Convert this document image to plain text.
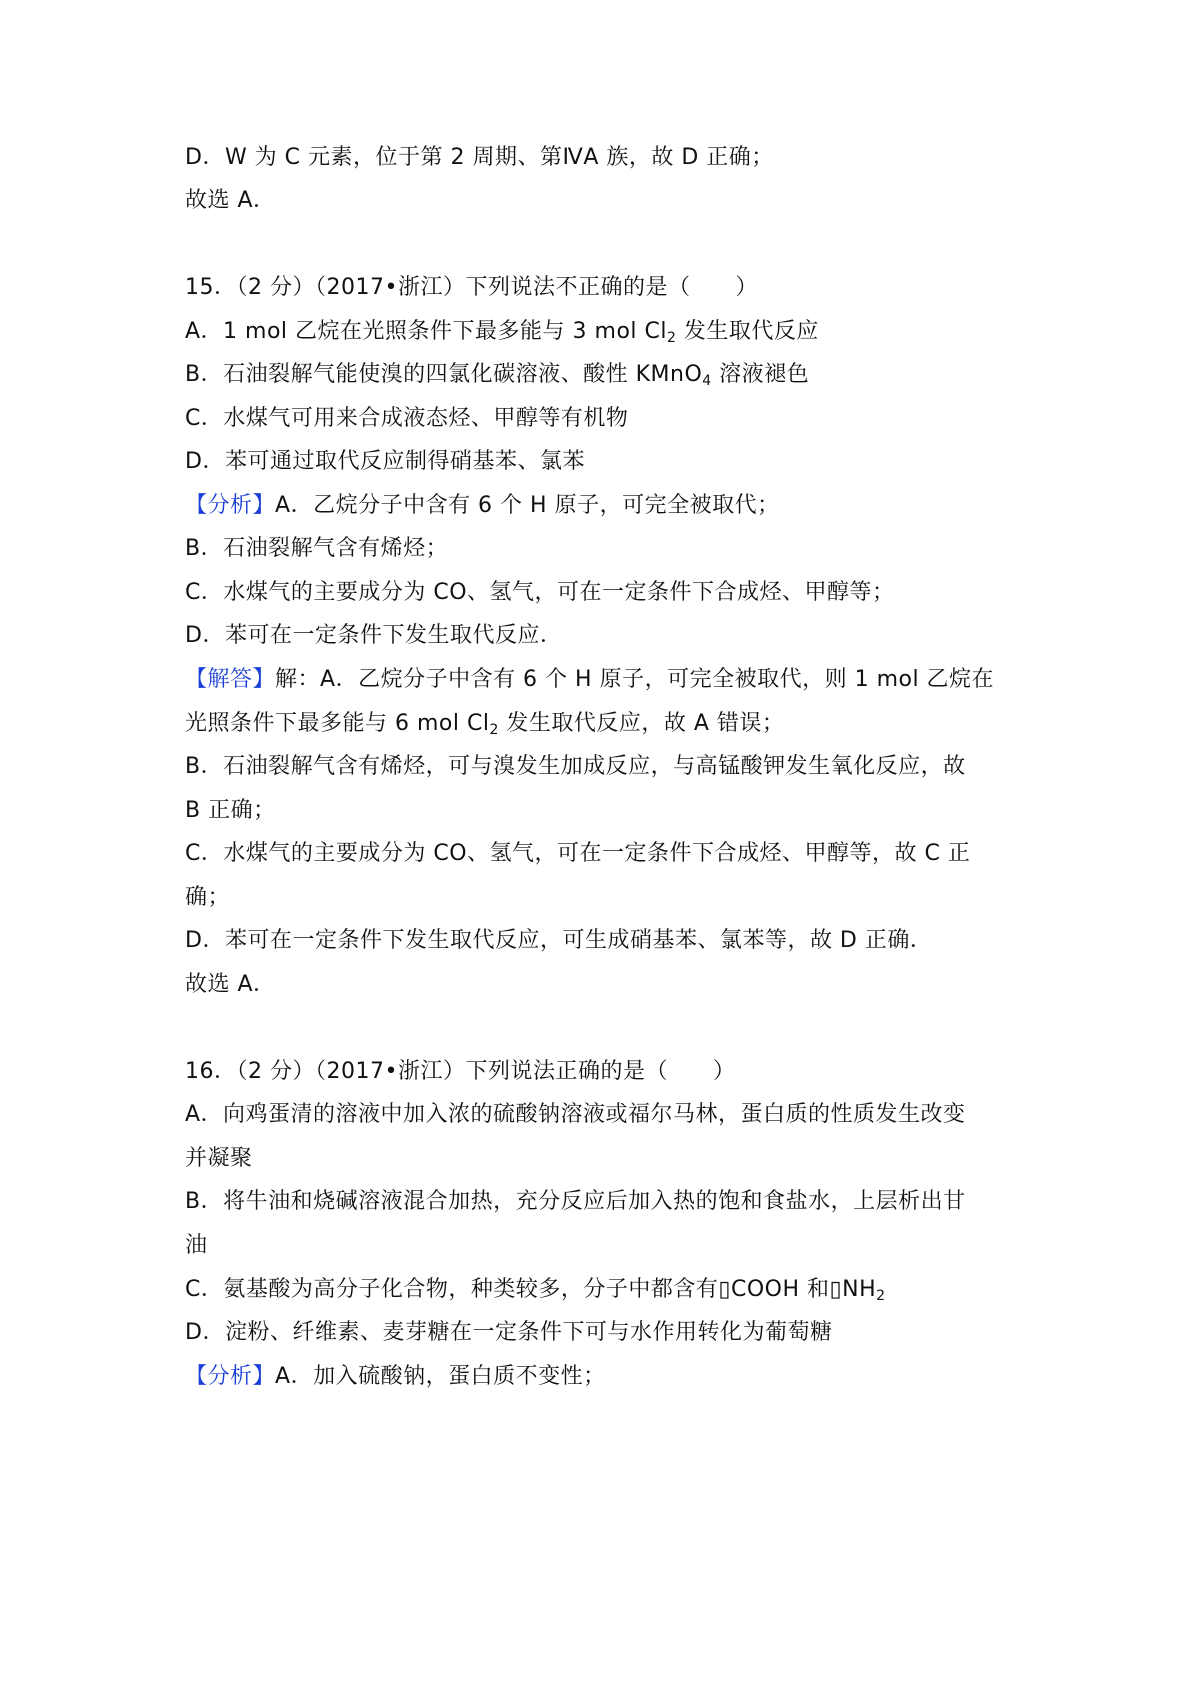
D．W 为 C 元素，位于第 2 周期、第ⅣA 族，故 D 正确；
故选 A．
15．（2 分）（2017•浙江）下列说法不正确的是（　　）
A．1 mol 乙烷在光照条件下最多能与 3 mol $Cl_2$ 发生取代反应
B．石油裂解气能使溴的四氯化碳溶液、酸性 KMnO$_4$ 溶液褪色
C．水煤气可用来合成液态烃、甲醇等有机物
D．苯可通过取代反应制得硝基苯、氯苯
【分析】A．乙烷分子中含有 6 个 H 原子，可完全被取代；
B．石油裂解气含有烯烃；
C．水煤气的主要成分为 CO、氢气，可在一定条件下合成烃、甲醇等；
D．苯可在一定条件下发生取代反应．
【解答】解：A．乙烷分子中含有 6 个 H 原子，可完全被取代，则 1 mol 乙烷在
光照条件下最多能与 6 mol $Cl_2$ 发生取代反应，故 A 错误；
B．石油裂解气含有烯烃，可与溴发生加成反应，与高锰酸钾发生氧化反应，故
B 正确；
C．水煤气的主要成分为 CO、氢气，可在一定条件下合成烃、甲醇等，故 C 正
确；
D．苯可在一定条件下发生取代反应，可生成硝基苯、氯苯等，故 D 正确．
故选 A．
16．（2 分）（2017•浙江）下列说法正确的是（　　）
A．向鸡蛋清的溶液中加入浓的硫酸钠溶液或福尔马林，蛋白质的性质发生改变
并凝聚
B．将牛油和烧碱溶液混合加热，充分反应后加入热的饱和食盐水，上层析出甘
油
C．氨基酸为高分子化合物，种类较多，分子中都含有▯COOH 和$▯NH_2$
D．淀粉、纤维素、麦芽糖在一定条件下可与水作用转化为葡萄糖
【分析】A．加入硫酸钠，蛋白质不变性；
